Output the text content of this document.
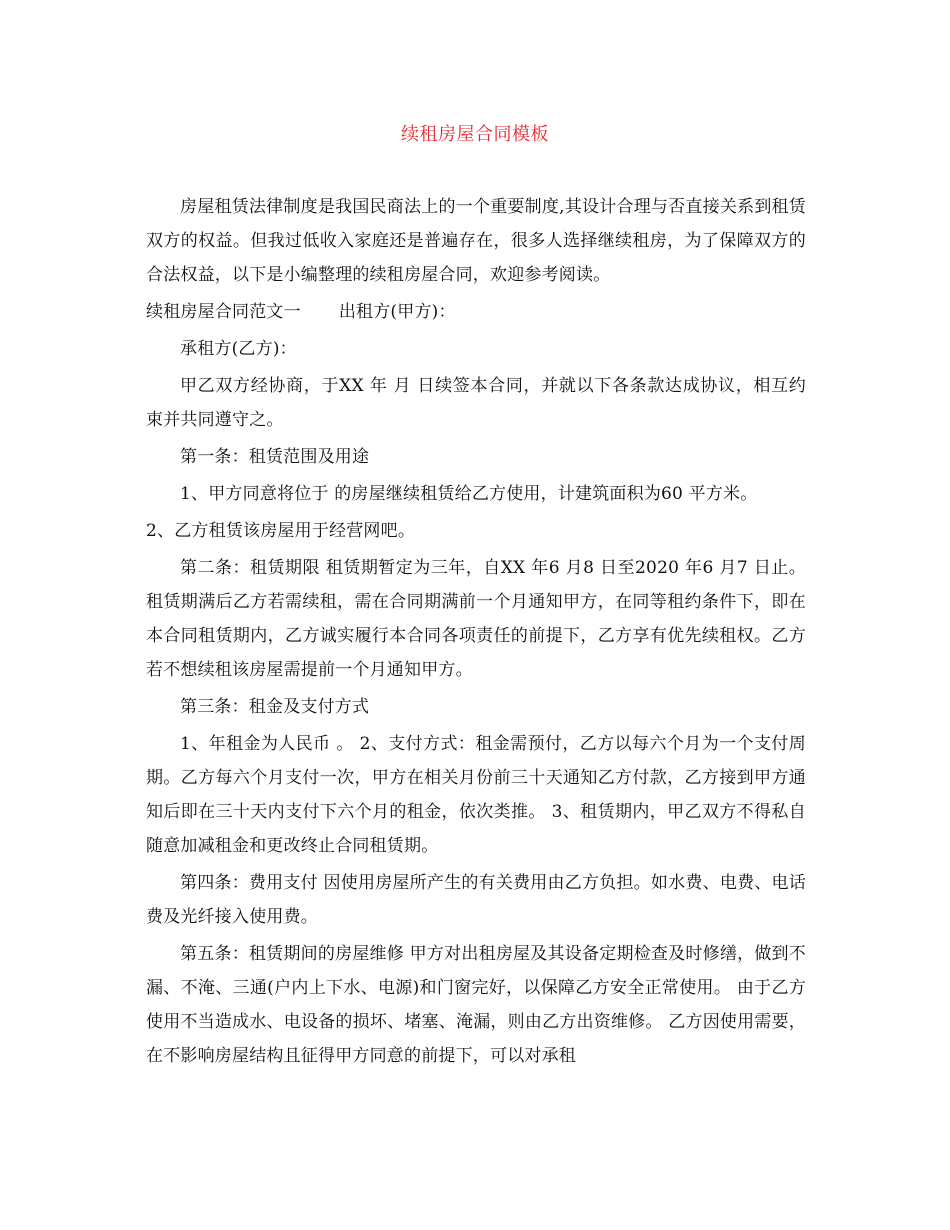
续租房屋合同模板

房屋租赁法律制度是我国民商法上的一个重要制度,其设计合理与否直接关系到租赁双方的权益。但我过低收入家庭还是普遍存在，很多人选择继续租房，为了保障双方的合法权益，以下是小编整理的续租房屋合同，欢迎参考阅读。

续租房屋合同范文一 出租方(甲方)：

承租方(乙方)：

甲乙双方经协商，于XX 年 月 日续签本合同，并就以下各条款达成协议，相互约束并共同遵守之。

第一条：租赁范围及用途

1、甲方同意将位于 的房屋继续租赁给乙方使用，计建筑面积为60 平方米。

2、乙方租赁该房屋用于经营网吧。

第二条：租赁期限 租赁期暂定为三年，自XX 年6 月8 日至2020 年6 月7 日止。租赁期满后乙方若需续租，需在合同期满前一个月通知甲方，在同等租约条件下，即在本合同租赁期内，乙方诚实履行本合同各项责任的前提下，乙方享有优先续租权。乙方若不想续租该房屋需提前一个月通知甲方。

第三条：租金及支付方式

1、年租金为人民币 。 2、支付方式：租金需预付，乙方以每六个月为一个支付周期。乙方每六个月支付一次，甲方在相关月份前三十天通知乙方付款，乙方接到甲方通知后即在三十天内支付下六个月的租金，依次类推。 3、租赁期内，甲乙双方不得私自随意加减租金和更改终止合同租赁期。

第四条：费用支付 因使用房屋所产生的有关费用由乙方负担。如水费、电费、电话费及光纤接入使用费。

第五条：租赁期间的房屋维修 甲方对出租房屋及其设备定期检查及时修缮，做到不漏、不淹、三通(户内上下水、电源)和门窗完好，以保障乙方安全正常使用。 由于乙方使用不当造成水、电设备的损坏、堵塞、淹漏，则由乙方出资维修。 乙方因使用需要，在不影响房屋结构且征得甲方同意的前提下，可以对承租
